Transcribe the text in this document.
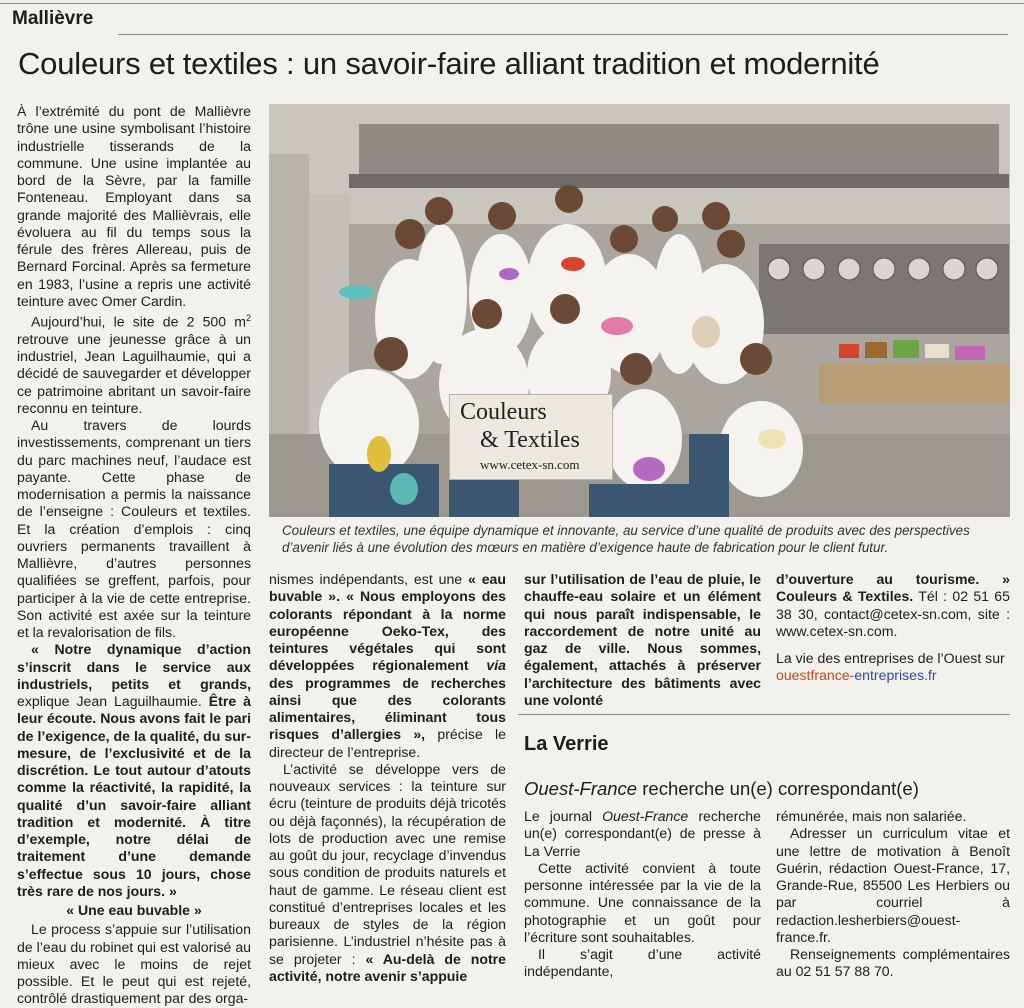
Mallièvre
Couleurs et textiles : un savoir-faire alliant tradition et modernité
Couleurs
& Textiles
www.cetex-sn.com
Couleurs et textiles, une équipe dynamique et innovante, au service d’une qualité de produits avec des perspectives d’avenir liés à une évolution des mœurs en matière d’exigence haute de fabrication pour le client futur.

À l’extrémité du pont de Mallièvre trône une usine symbolisant l’histoire industrielle tisserands de la commune. Une usine implantée au bord de la Sèvre, par la famille Fonteneau. Employant dans sa grande majorité des Mallièvrais, elle évoluera au fil du temps sous la férule des frères Allereau, puis de Bernard Forcinal. Après sa fermeture en 1983, l’usine a repris une activité teinture avec Omer Cardin.

Aujourd’hui, le site de 2 500 $m^2$ retrouve une jeunesse grâce à un industriel, Jean Laguilhaumie, qui a décidé de sauvegarder et développer ce patrimoine abritant un savoir-faire reconnu en teinture.

Au travers de lourds investissements, comprenant un tiers du parc machines neuf, l’audace est payante. Cette phase de modernisation a permis la naissance de l’enseigne : Couleurs et textiles. Et la création d’emplois : cinq ouvriers permanents travaillent à Mallièvre, d’autres personnes qualifiées se greffent, parfois, pour participer à la vie de cette entreprise. Son activité est axée sur la teinture et la revalorisation de fils.

« Notre dynamique d’action s’inscrit dans le service aux industriels, petits et grands, explique Jean Laguilhaumie. Être à leur écoute. Nous avons fait le pari de l’exigence, de la qualité, du sur-mesure, de l’exclusivité et de la discrétion. Le tout autour d’atouts comme la réactivité, la rapidité, la qualité d’un savoir-faire alliant tradition et modernité. À titre d’exemple, notre délai de traitement d’une demande s’effectue sous 10 jours, chose très rare de nos jours. »

« Une eau buvable »

Le process s’appuie sur l’utilisation de l’eau du robinet qui est valorisé au mieux avec le moins de rejet possible. Et le peut qui est rejeté, contrôlé drastiquement par des orga-

nismes indépendants, est une « eau buvable ». « Nous employons des colorants répondant à la norme européenne Oeko-Tex, des teintures végétales qui sont développées régionalement via des programmes de recherches ainsi que des colorants alimentaires, éliminant tous risques d’allergies », précise le directeur de l’entreprise.

L’activité se développe vers de nouveaux services : la teinture sur écru (teinture de produits déjà tricotés ou déjà façonnés), la récupération de lots de production avec une remise au goût du jour, recyclage d’invendus sous condition de produits naturels et haut de gamme. Le réseau client est constitué d’entreprises locales et les bureaux de styles de la région parisienne. L’industriel n’hésite pas à se projeter : « Au-delà de notre activité, notre avenir s’appuie

sur l’utilisation de l’eau de pluie, le chauffe-eau solaire et un élément qui nous paraît indispensable, le raccordement de notre unité au gaz de ville. Nous sommes, également, attachés à préserver l’architecture des bâtiments avec une volonté

d’ouverture au tourisme. » Couleurs & Textiles. Tél : 02 51 65 38 30, contact@cetex-sn.com, site : www.cetex-sn.com.

La vie des entreprises de l’Ouest sur
ouestfrance-entreprises.fr

La Verrie
Ouest-France recherche un(e) correspondant(e)

Le journal Ouest-France recherche un(e) correspondant(e) de presse à La Verrie

Cette activité convient à toute personne intéressée par la vie de la commune. Une connaissance de la photographie et un goût pour l’écriture sont souhaitables.

Il s’agit d’une activité indépendante,

rémunérée, mais non salariée.

Adresser un curriculum vitae et une lettre de motivation à Benoît Guérin, rédaction Ouest-France, 17, Grande-Rue, 85500 Les Herbiers ou par courriel à redaction.lesherbiers@ouest-france.fr.

Renseignements complémentaires au 02 51 57 88 70.
